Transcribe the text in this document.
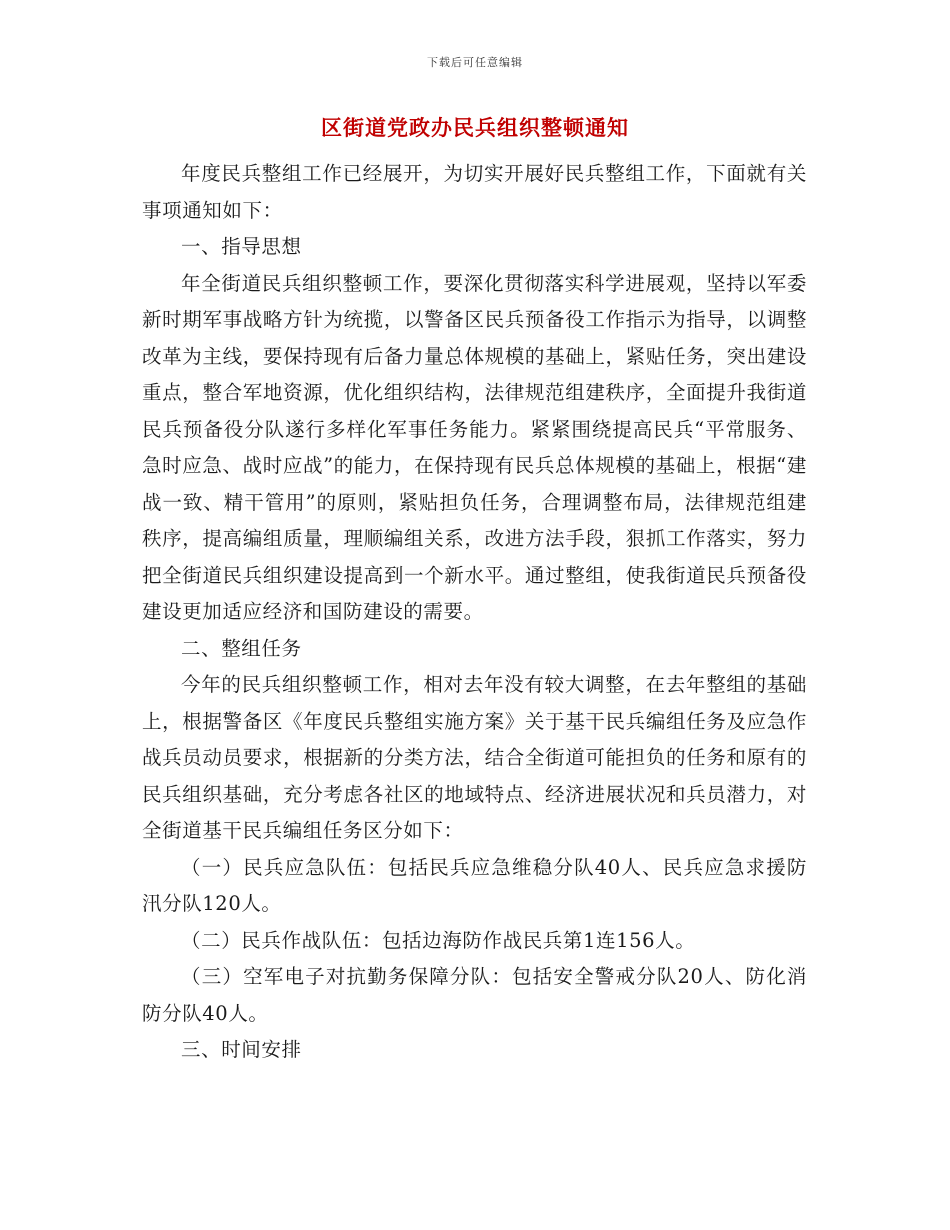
下载后可任意编辑
区街道党政办民兵组织整顿通知

年度民兵整组工作已经展开，为切实开展好民兵整组工作，下面就有关事项通知如下：

一、指导思想

年全街道民兵组织整顿工作，要深化贯彻落实科学进展观，坚持以军委新时期军事战略方针为统揽，以警备区民兵预备役工作指示为指导，以调整改革为主线，要保持现有后备力量总体规模的基础上，紧贴任务，突出建设重点，整合军地资源，优化组织结构，法律规范组建秩序，全面提升我街道民兵预备役分队遂行多样化军事任务能力。紧紧围绕提高民兵“平常服务、急时应急、战时应战”的能力，在保持现有民兵总体规模的基础上，根据“建战一致、精干管用”的原则，紧贴担负任务，合理调整布局，法律规范组建秩序，提高编组质量，理顺编组关系，改进方法手段，狠抓工作落实，努力把全街道民兵组织建设提高到一个新水平。通过整组，使我街道民兵预备役建设更加适应经济和国防建设的需要。

二、整组任务

今年的民兵组织整顿工作，相对去年没有较大调整，在去年整组的基础上，根据警备区《年度民兵整组实施方案》关于基干民兵编组任务及应急作战兵员动员要求，根据新的分类方法，结合全街道可能担负的任务和原有的民兵组织基础，充分考虑各社区的地域特点、经济进展状况和兵员潜力，对全街道基干民兵编组任务区分如下：

（一）民兵应急队伍：包括民兵应急维稳分队40人、民兵应急求援防汛分队120人。

（二）民兵作战队伍：包括边海防作战民兵第1连156人。

（三）空军电子对抗勤务保障分队：包括安全警戒分队20人、防化消防分队40人。

三、时间安排
